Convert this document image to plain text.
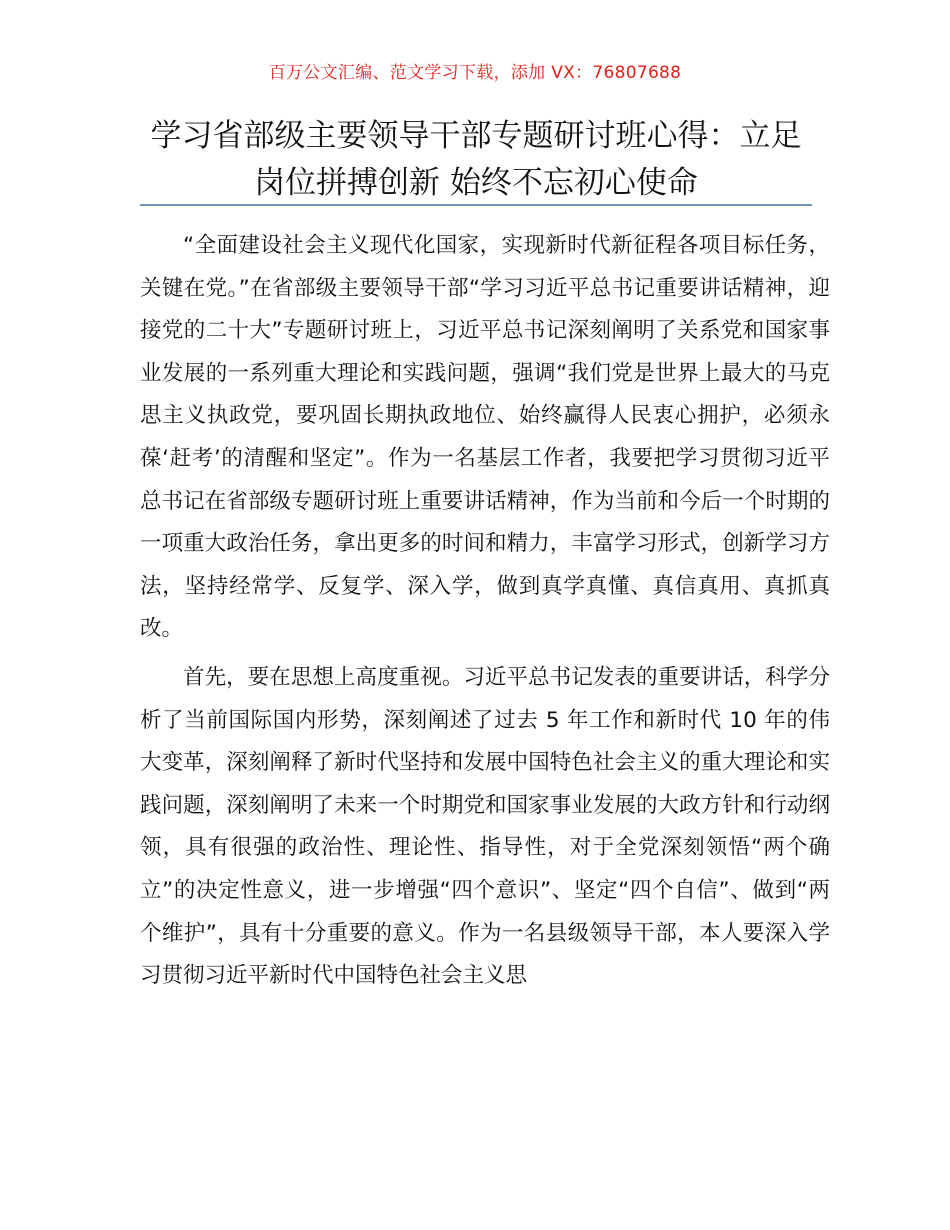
百万公文汇编、范文学习下载，添加 VX：76807688
学习省部级主要领导干部专题研讨班心得：立足岗位拼搏创新 始终不忘初心使命

“全面建设社会主义现代化国家，实现新时代新征程各项目标任务，关键在党。”在省部级主要领导干部“学习习近平总书记重要讲话精神，迎接党的二十大”专题研讨班上，习近平总书记深刻阐明了关系党和国家事业发展的一系列重大理论和实践问题，强调“我们党是世界上最大的马克思主义执政党，要巩固长期执政地位、始终赢得人民衷心拥护，必须永葆‘赶考’的清醒和坚定”。作为一名基层工作者，我要把学习贯彻习近平总书记在省部级专题研讨班上重要讲话精神，作为当前和今后一个时期的一项重大政治任务，拿出更多的时间和精力，丰富学习形式，创新学习方法，坚持经常学、反复学、深入学，做到真学真懂、真信真用、真抓真改。

首先，要在思想上高度重视。习近平总书记发表的重要讲话，科学分析了当前国际国内形势，深刻阐述了过去 5 年工作和新时代 10 年的伟大变革，深刻阐释了新时代坚持和发展中国特色社会主义的重大理论和实践问题，深刻阐明了未来一个时期党和国家事业发展的大政方针和行动纲领，具有很强的政治性、理论性、指导性，对于全党深刻领悟“两个确立”的决定性意义，进一步增强“四个意识”、坚定“四个自信”、做到“两个维护”，具有十分重要的意义。作为一名县级领导干部，本人要深入学习贯彻习近平新时代中国特色社会主义思
